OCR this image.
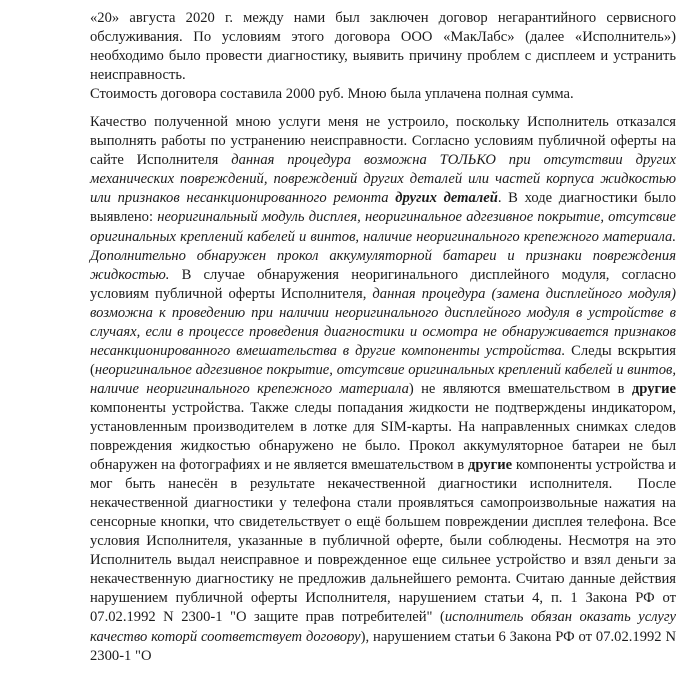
«20» августа 2020 г. между нами был заключен договор негарантийного сервисного обслуживания. По условиям этого договора ООО «МакЛабс» (далее «Исполнитель») необходимо было провести диагностику, выявить причину проблем с дисплеем и устранить неисправность.

Стоимость договора составила 2000 руб. Мною была уплачена полная сумма.

Качество полученной мною услуги меня не устроило, поскольку Исполнитель отказался выполнять работы по устранению неисправности. Согласно условиям публичной оферты на сайте Исполнителя данная процедура возможна ТОЛЬКО при отсутствии других механических повреждений, повреждений других деталей или частей корпуса жидкостью или признаков несанкционированного ремонта других деталей. В ходе диагностики было выявлено: неоригинальный модуль дисплея, неоригинальное адгезивное покрытие, отсутсвие оригинальных креплений кабелей и винтов, наличие неоригинального крепежного материала. Дополнительно обнаружен прокол аккумуляторной батареи и признаки повреждения жидкостью. В случае обнаружения неоригинального дисплейного модуля, согласно условиям публичной оферты Исполнителя, данная процедура (замена дисплейного модуля) возможна к проведению при наличии неоригинального дисплейного модуля в устройстве в случаях, если в процессе проведения диагностики и осмотра не обнаруживается признаков несанкционированного вмешательства в другие компоненты устройства. Следы вскрытия (неоригинальное адгезивное покрытие, отсутсвие оригинальных креплений кабелей и винтов, наличие неоригинального крепежного материала) не являются вмешательством в другие компоненты устройства. Также следы попадания жидкости не подтверждены индикатором, установленным производителем в лотке для SIM-карты. На направленных снимках следов повреждения жидкостью обнаружено не было. Прокол аккумуляторное батареи не был обнаружен на фотографиях и не является вмешательством в другие компоненты устройства и мог быть нанесён в результате некачественной диагностики исполнителя.  После некачественной диагностики у телефона стали проявляться самопроизвольные нажатия на сенсорные кнопки, что свидетельствует о ещё большем повреждении дисплея телефона. Все условия Исполнителя, указанные в публичной оферте, были соблюдены. Несмотря на это Исполнитель выдал неисправное и поврежденное еще сильнее устройство и взял деньги за некачественную диагностику не предложив дальнейшего ремонта. Считаю данные действия нарушением публичной оферты Исполнителя, нарушением статьи 4, п. 1 Закона РФ от 07.02.1992 N 2300-1 "О защите прав потребителей" (исполнитель обязан оказать услугу качество которй соответствует договору), нарушением статьи 6 Закона РФ от 07.02.1992 N 2300-1 "О
